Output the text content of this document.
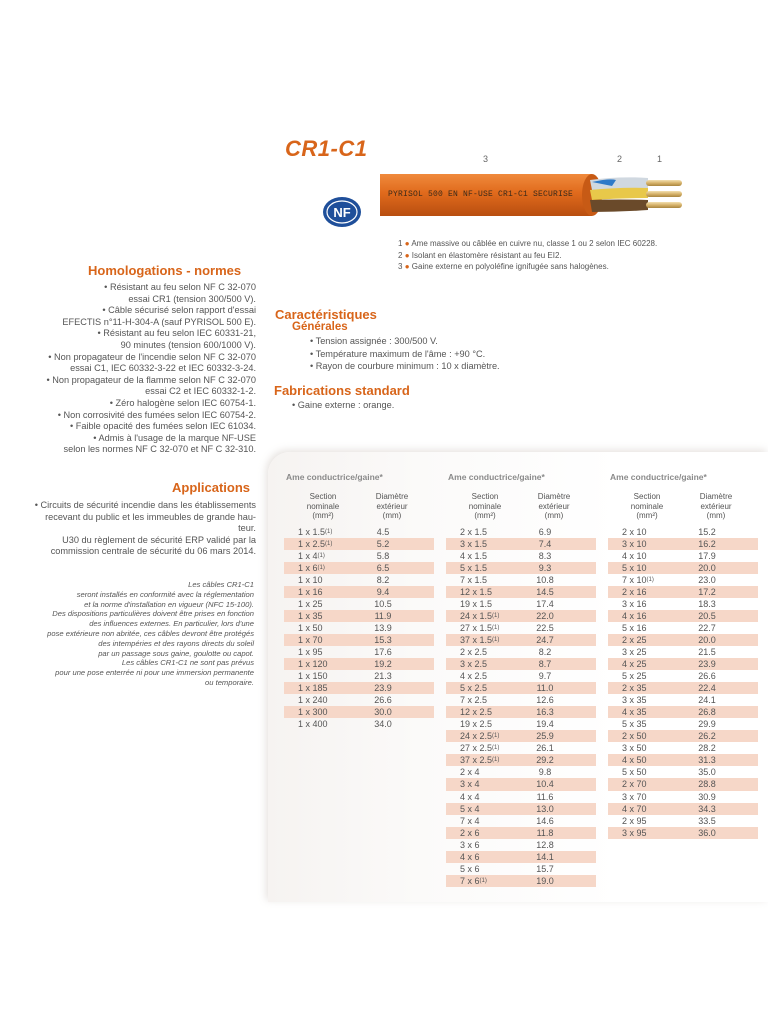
CR1-C1	3	2	1
PYRISOL 500 EN NF-USE CR1-C1 SECURISE
NF
1 ● Ame massive ou câblée en cuivre nu, classe 1 ou 2 selon IEC 60228.
2 ● Isolant en élastomère résistant au feu EI2.
3 ● Gaine externe en polyoléfine ignifugée sans halogènes.
Homologations - normes
• Résistant au feu selon NF C 32-070
essai CR1 (tension 300/500 V).
• Câble sécurisé selon rapport d'essai
EFECTIS n°11-H-304-A (sauf PYRISOL 500 E).
• Résistant au feu selon IEC 60331-21,
90 minutes (tension 600/1000 V).
• Non propagateur de l'incendie selon NF C 32-070
essai C1, IEC 60332-3-22 et IEC 60332-3-24.
• Non propagateur de la flamme selon NF C 32-070
essai C2 et IEC 60332-1-2.
• Zéro halogène selon IEC 60754-1.
• Non corrosivité des fumées selon IEC 60754-2.
• Faible opacité des fumées selon IEC 61034.
• Admis à l'usage de la marque NF-USE
selon les normes NF C 32-070 et NF C 32-310.
Applications
• Circuits de sécurité incendie dans les établissements
recevant du public et les immeubles de grande hau-
teur.
U30 du règlement de sécurité ERP validé par la
commission centrale de sécurité du 06 mars 2014.
Les câbles CR1-C1
seront installés en conformité avec la réglementation
et la norme d'installation en vigueur (NFC 15-100).
Des dispositions particulières doivent être prises en fonction
des influences externes. En particulier, lors d'une
pose extérieure non abritée, ces câbles devront être protégés
des intempéries et des rayons directs du soleil
par un passage sous gaine, goulotte ou capot.
Les câbles CR1-C1 ne sont pas prévus
pour une pose enterrée ni pour une immersion permanente
ou temporaire.
Caractéristiques
Générales
• Tension assignée : 300/500 V.
• Température maximum de l'âme : +90 °C.
• Rayon de courbure minimum : 10 x diamètre.
Fabrications standard
• Gaine externe : orange.
Ame conductrice/gaine*
Section
nominale
(mm²)
Diamètre
extérieur
(mm)
1 x 1.5$^{(1)}$	4.5
1 x 2.5$^{(1)}$	5.2
1 x 4$^{(1)}$	5.8
1 x 6$^{(1)}$	6.5
1 x 10	8.2
1 x 16	9.4
1 x 25	10.5
1 x 35	11.9
1 x 50	13.9
1 x 70	15.3
1 x 95	17.6
1 x 120	19.2
1 x 150	21.3
1 x 185	23.9
1 x 240	26.6
1 x 300	30.0
1 x 400	34.0
Ame conductrice/gaine*
Section
nominale
(mm²)
Diamètre
extérieur
(mm)
2 x 1.5	6.9
3 x 1.5	7.4
4 x 1.5	8.3
5 x 1.5	9.3
7 x 1.5	10.8
12 x 1.5	14.5
19 x 1.5	17.4
24 x 1.5$^{(1)}$	22.0
27 x 1.5$^{(1)}$	22.5
37 x 1.5$^{(1)}$	24.7
2 x 2.5	8.2
3 x 2.5	8.7
4 x 2.5	9.7
5 x 2.5	11.0
7 x 2.5	12.6
12 x 2.5	16.3
19 x 2.5	19.4
24 x 2.5$^{(1)}$	25.9
27 x 2.5$^{(1)}$	26.1
37 x 2.5$^{(1)}$	29.2
2 x 4	9.8
3 x 4	10.4
4 x 4	11.6
5 x 4	13.0
7 x 4	14.6
2 x 6	11.8
3 x 6	12.8
4 x 6	14.1
5 x 6	15.7
7 x 6$^{(1)}$	19.0
Ame conductrice/gaine*
Section
nominale
(mm²)
Diamètre
extérieur
(mm)
2 x 10	15.2
3 x 10	16.2
4 x 10	17.9
5 x 10	20.0
7 x 10$^{(1)}$	23.0
2 x 16	17.2
3 x 16	18.3
4 x 16	20.5
5 x 16	22.7
2 x 25	20.0
3 x 25	21.5
4 x 25	23.9
5 x 25	26.6
2 x 35	22.4
3 x 35	24.1
4 x 35	26.8
5 x 35	29.9
2 x 50	26.2
3 x 50	28.2
4 x 50	31.3
5 x 50	35.0
2 x 70	28.8
3 x 70	30.9
4 x 70	34.3
2 x 95	33.5
3 x 95	36.0
